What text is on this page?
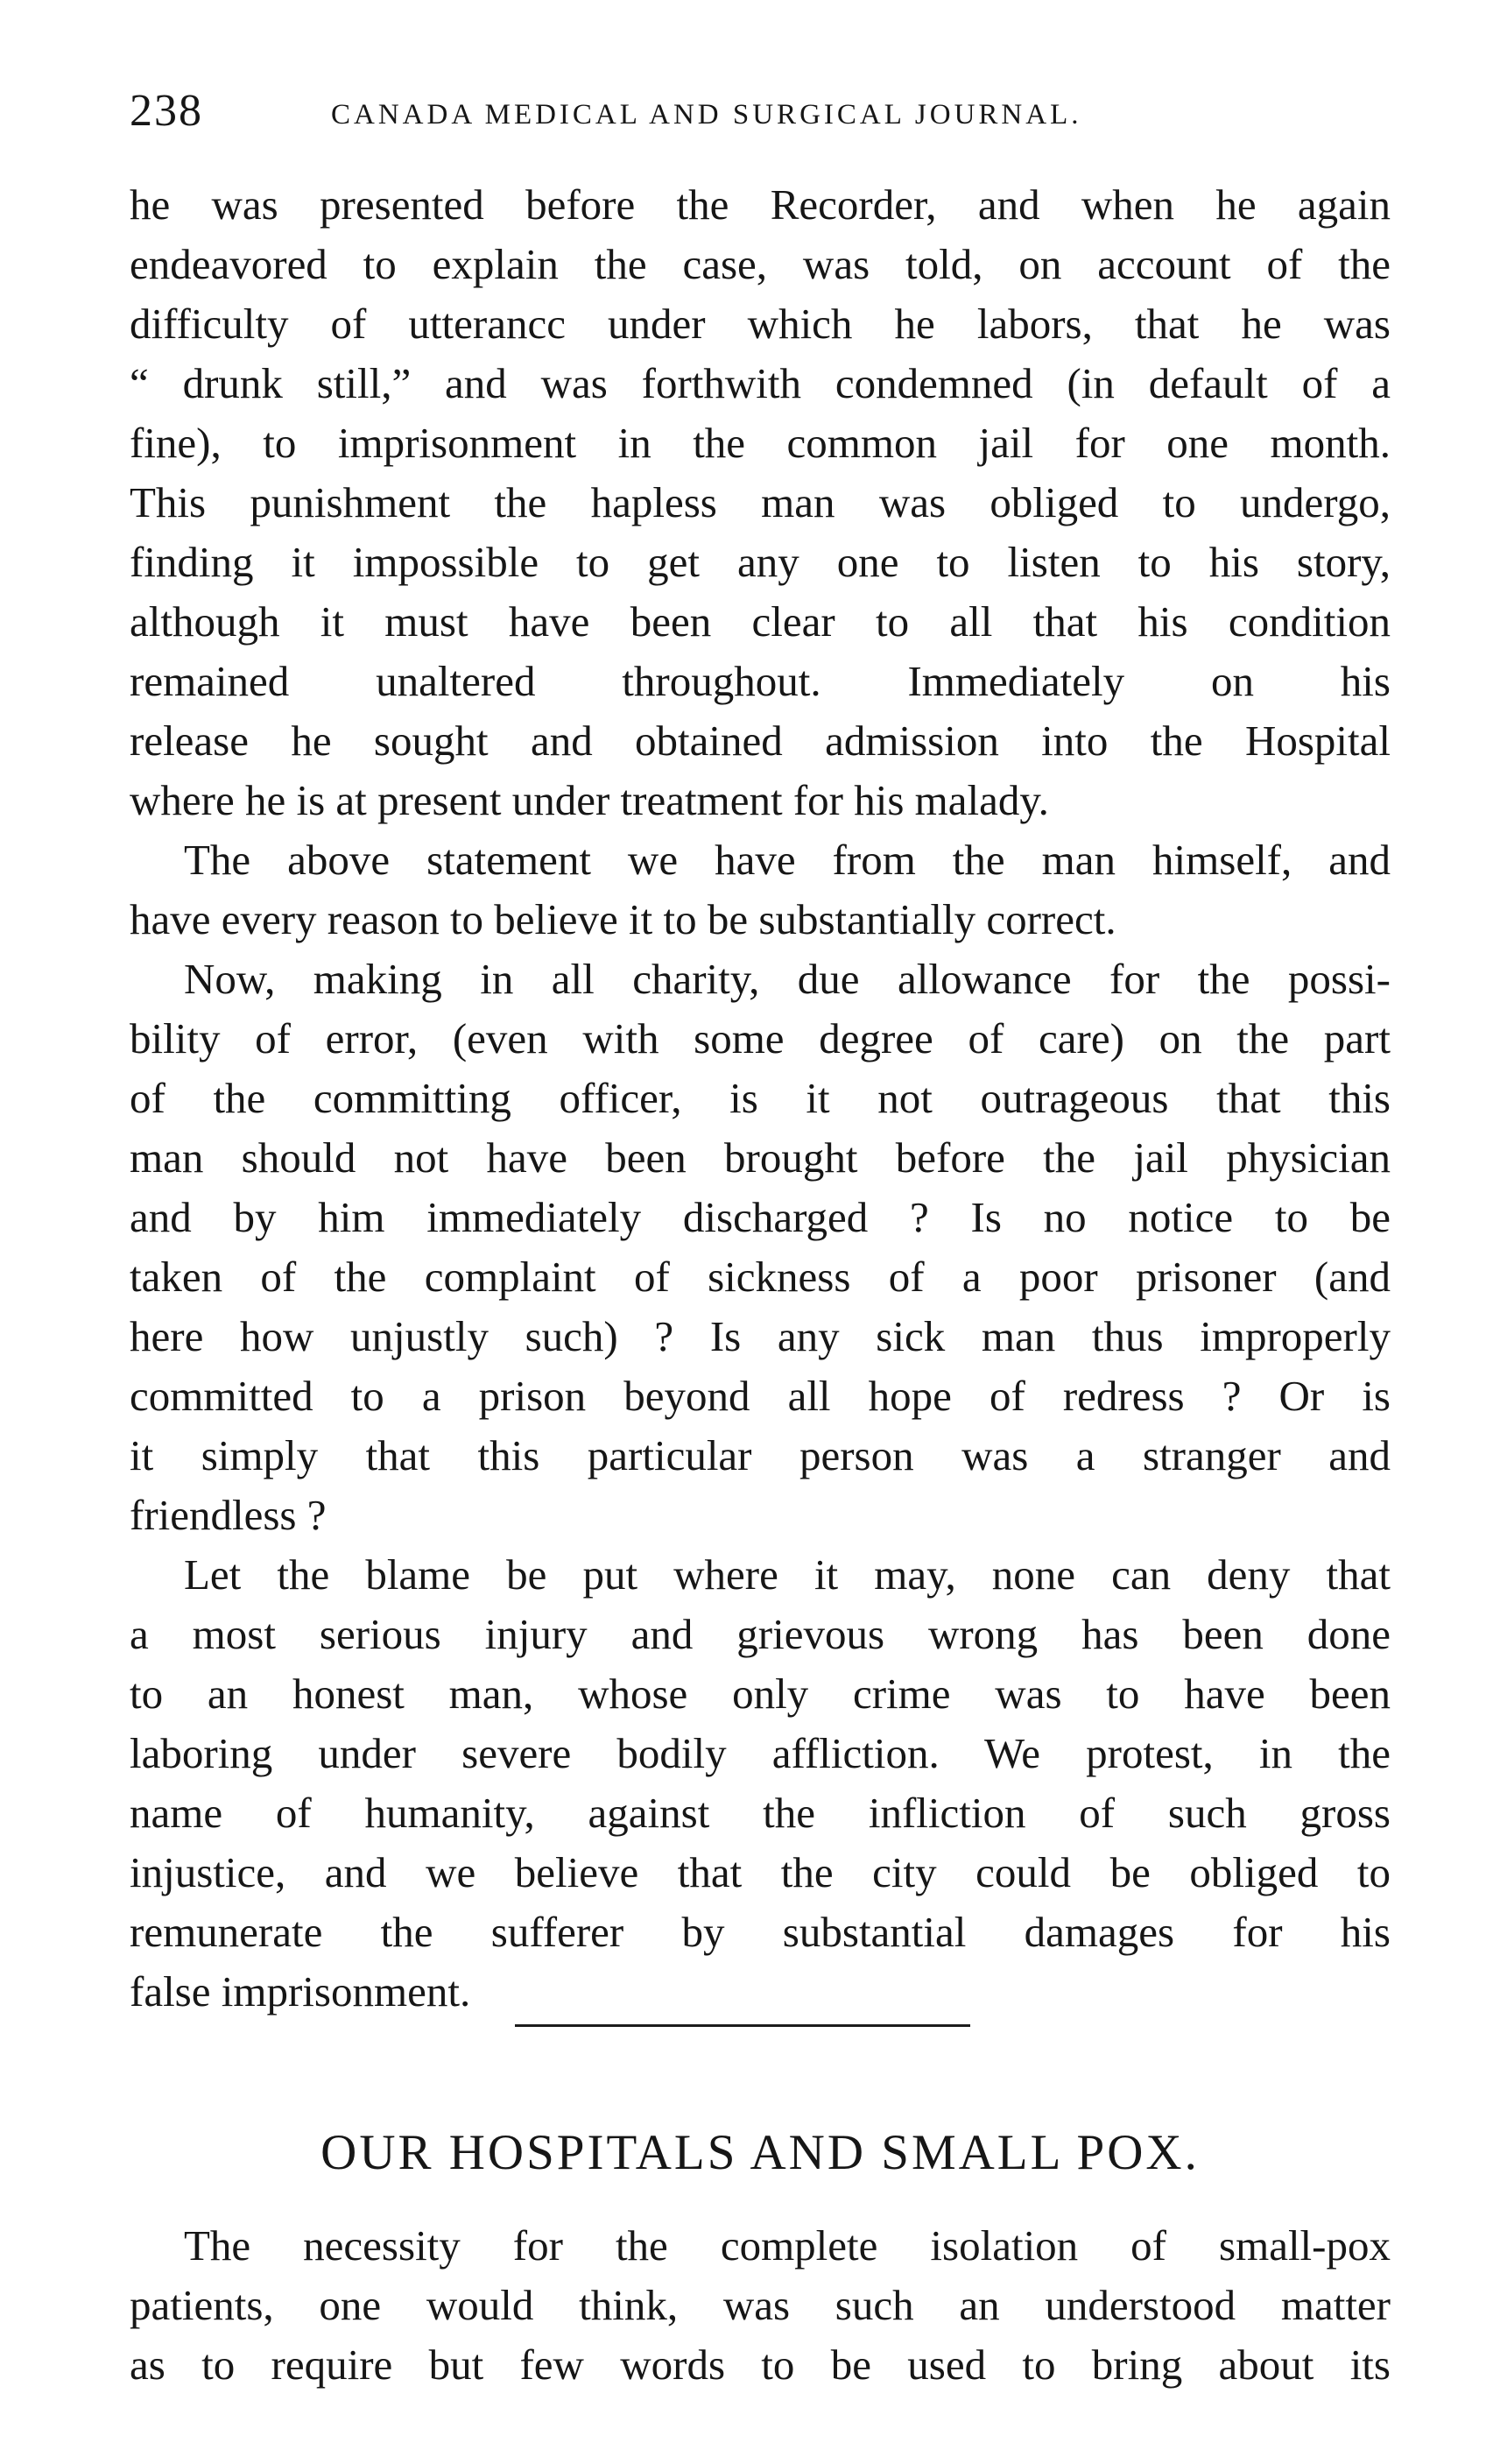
238	CANADA MEDICAL AND SURGICAL JOURNAL.

he was presented before the Recorder, and when he again
endeavored to explain the case, was told, on account of the
difficulty of utterancc under which he labors, that he was
“ drunk still,” and was forthwith condemned (in default of a
fine), to imprisonment in the common jail for one month.
This punishment the hapless man was obliged to undergo,
finding it impossible to get any one to listen to his story,
although it must have been clear to all that his condition
remained unaltered throughout. Immediately on his
release he sought and obtained admission into the Hospital
where he is at present under treatment for his malady.

The above statement we have from the man himself, and
have every reason to believe it to be substantially correct.

Now, making in all charity, due allowance for the possi-
bility of error, (even with some degree of care) on the part
of the committing officer, is it not outrageous that this
man should not have been brought before the jail physician
and by him immediately discharged ? Is no notice to be
taken of the complaint of sickness of a poor prisoner (and
here how unjustly such) ? Is any sick man thus improperly
committed to a prison beyond all hope of redress ? Or is
it simply that this particular person was a stranger and
friendless ?

Let the blame be put where it may, none can deny that
a most serious injury and grievous wrong has been done
to an honest man, whose only crime was to have been
laboring under severe bodily affliction. We protest, in the
name of humanity, against the infliction of such gross
injustice, and we believe that the city could be obliged to
remunerate the sufferer by substantial damages for his
false imprisonment.

OUR HOSPITALS AND SMALL POX.
The necessity for the complete isolation of small-pox
patients, one would think, was such an understood matter
as to require but few words to be used to bring about its
